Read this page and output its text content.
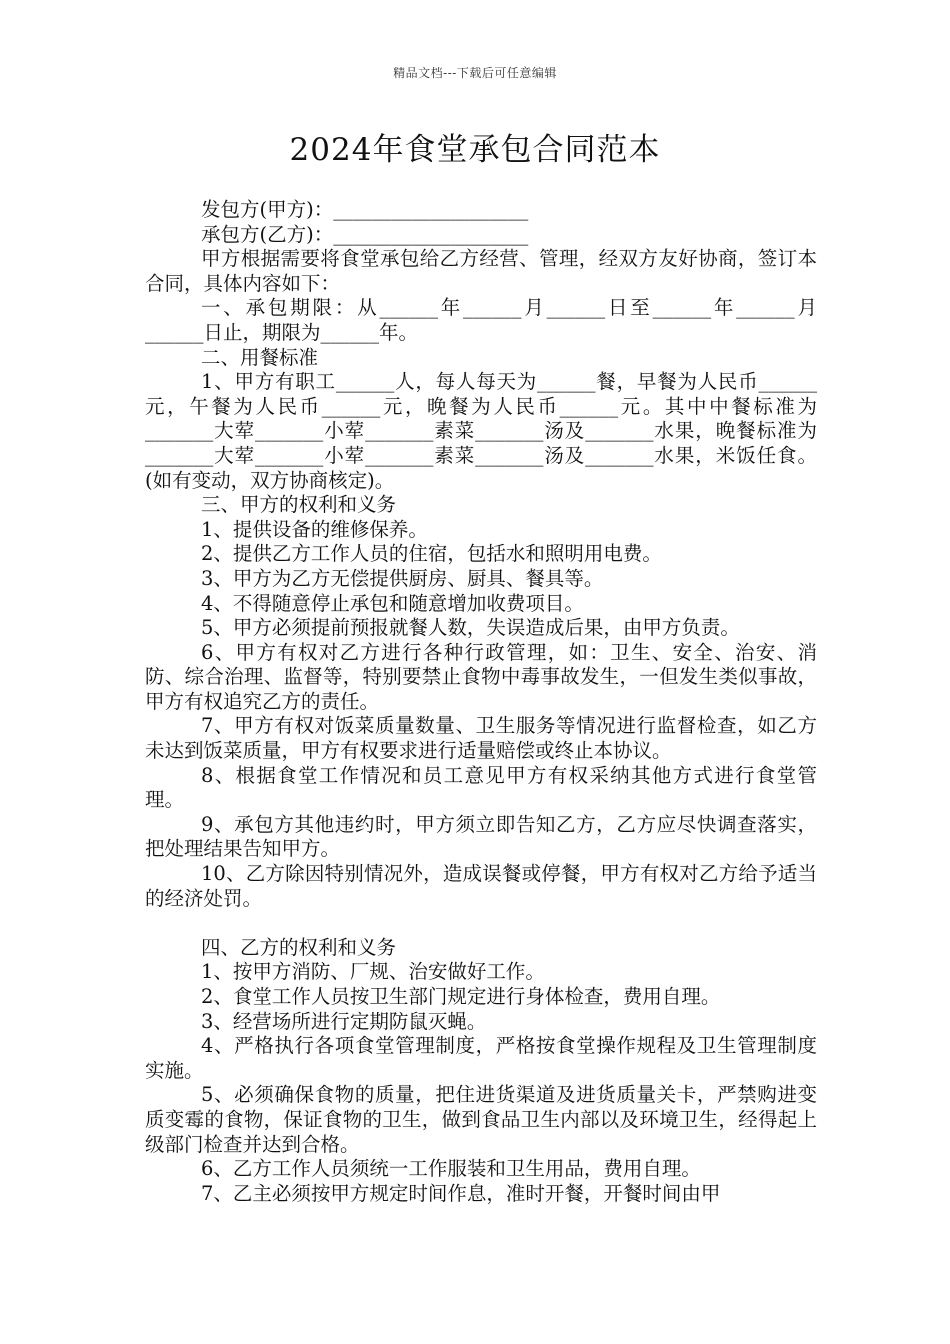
精品文档---下载后可任意编辑
2024年食堂承包合同范本

发包方(甲方)：____________________

承包方(乙方)：____________________

甲方根据需要将食堂承包给乙方经营、管理，经双方友好协商，签订本合同，具体内容如下：

一、承包期限：从______年______月______日至______年______月______日止，期限为______年。

二、用餐标准

1、甲方有职工______人，每人每天为______餐，早餐为人民币______元，午餐为人民币______元，晚餐为人民币______元。其中中餐标准为_______大荤_______小荤_______素菜_______汤及_______水果，晚餐标准为_______大荤_______小荤_______素菜_______汤及_______水果，米饭任食。(如有变动，双方协商核定)。

三、甲方的权利和义务

1、提供设备的维修保养。

2、提供乙方工作人员的住宿，包括水和照明用电费。

3、甲方为乙方无偿提供厨房、厨具、餐具等。

4、不得随意停止承包和随意增加收费项目。

5、甲方必须提前预报就餐人数，失误造成后果，由甲方负责。

6、甲方有权对乙方进行各种行政管理，如：卫生、安全、治安、消防、综合治理、监督等，特别要禁止食物中毒事故发生，一但发生类似事故，甲方有权追究乙方的责任。

7、甲方有权对饭菜质量数量、卫生服务等情况进行监督检查，如乙方未达到饭菜质量，甲方有权要求进行适量赔偿或终止本协议。

8、根据食堂工作情况和员工意见甲方有权采纳其他方式进行食堂管理。

9、承包方其他违约时，甲方须立即告知乙方，乙方应尽快调查落实，把处理结果告知甲方。

10、乙方除因特别情况外，造成误餐或停餐，甲方有权对乙方给予适当的经济处罚。

四、乙方的权利和义务

1、按甲方消防、厂规、治安做好工作。

2、食堂工作人员按卫生部门规定进行身体检查，费用自理。

3、经营场所进行定期防鼠灭蝇。

4、严格执行各项食堂管理制度，严格按食堂操作规程及卫生管理制度实施。

5、必须确保食物的质量，把住进货渠道及进货质量关卡，严禁购进变质变霉的食物，保证食物的卫生，做到食品卫生内部以及环境卫生，经得起上级部门检查并达到合格。

6、乙方工作人员须统一工作服装和卫生用品，费用自理。

7、乙主必须按甲方规定时间作息，准时开餐，开餐时间由甲
